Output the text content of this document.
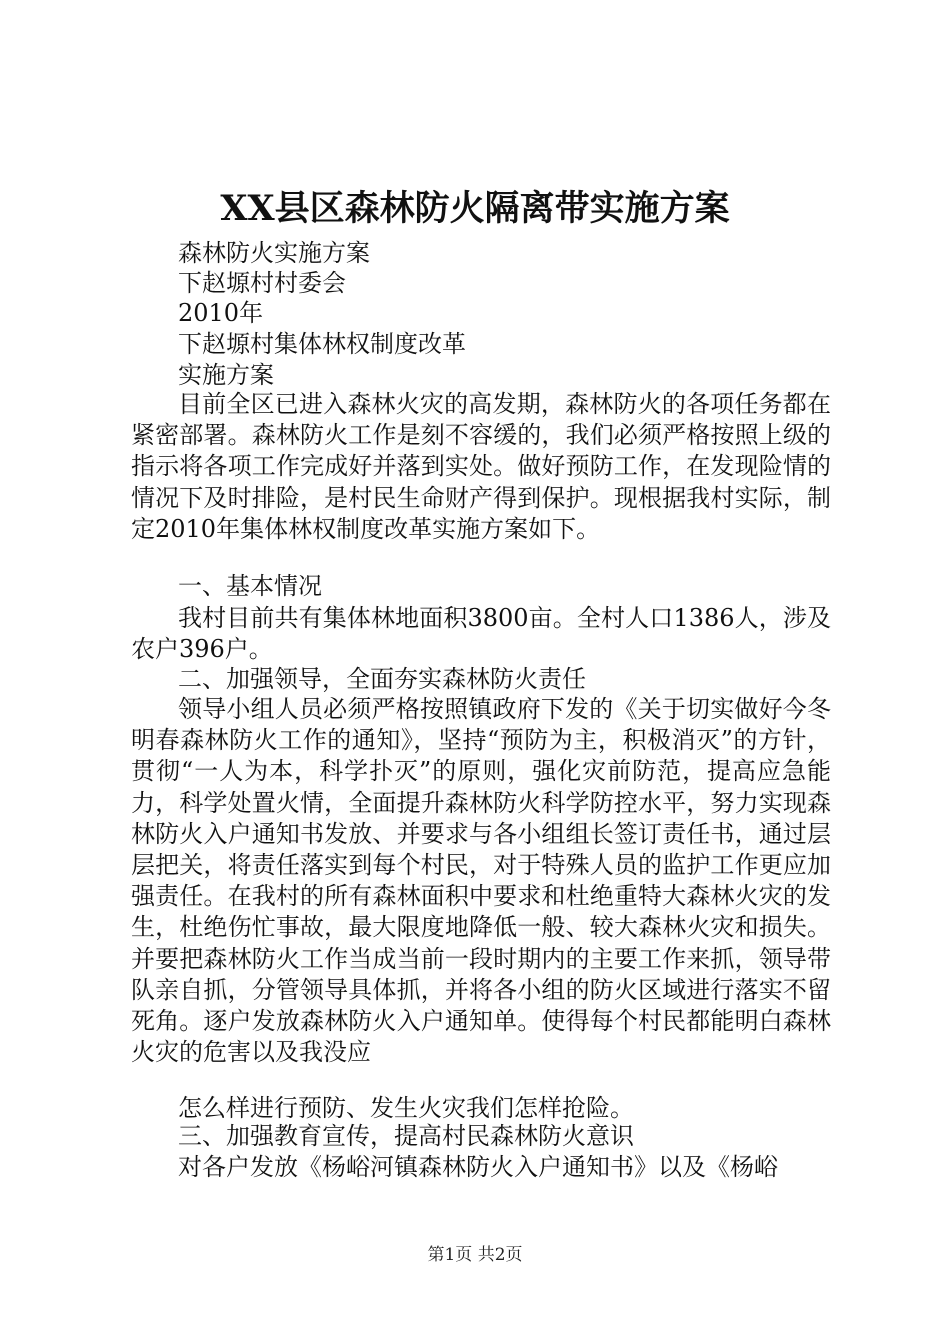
XX县区森林防火隔离带实施方案
森林防火实施方案
下赵塬村村委会
2010年
下赵塬村集体林权制度改革
实施方案

目前全区已进入森林火灾的高发期，森林防火的各项任务都在紧密部署。森林防火工作是刻不容缓的，我们必须严格按照上级的指示将各项工作完成好并落到实处。做好预防工作，在发现险情的情况下及时排险，是村民生命财产得到保护。现根据我村实际，制定2010年集体林权制度改革实施方案如下。

一、基本情况

我村目前共有集体林地面积3800亩。全村人口1386人，涉及农户396户。

二、加强领导，全面夯实森林防火责任

领导小组人员必须严格按照镇政府下发的《关于切实做好今冬明春森林防火工作的通知》，坚持“预防为主，积极消灭”的方针，贯彻“一人为本，科学扑灭”的原则，强化灾前防范，提高应急能力，科学处置火情，全面提升森林防火科学防控水平，努力实现森林防火入户通知书发放、并要求与各小组组长签订责任书，通过层层把关，将责任落实到每个村民，对于特殊人员的监护工作更应加强责任。在我村的所有森林面积中要求和杜绝重特大森林火灾的发生，杜绝伤忙事故，最大限度地降低一般、较大森林火灾和损失。并要把森林防火工作当成当前一段时期内的主要工作来抓，领导带队亲自抓，分管领导具体抓，并将各小组的防火区域进行落实不留死角。逐户发放森林防火入户通知单。使得每个村民都能明白森林火灾的危害以及我没应

怎么样进行预防、发生火灾我们怎样抢险。
三、加强教育宣传，提高村民森林防火意识

对各户发放《杨峪河镇森林防火入户通知书》以及《杨峪

第1页 共2页
